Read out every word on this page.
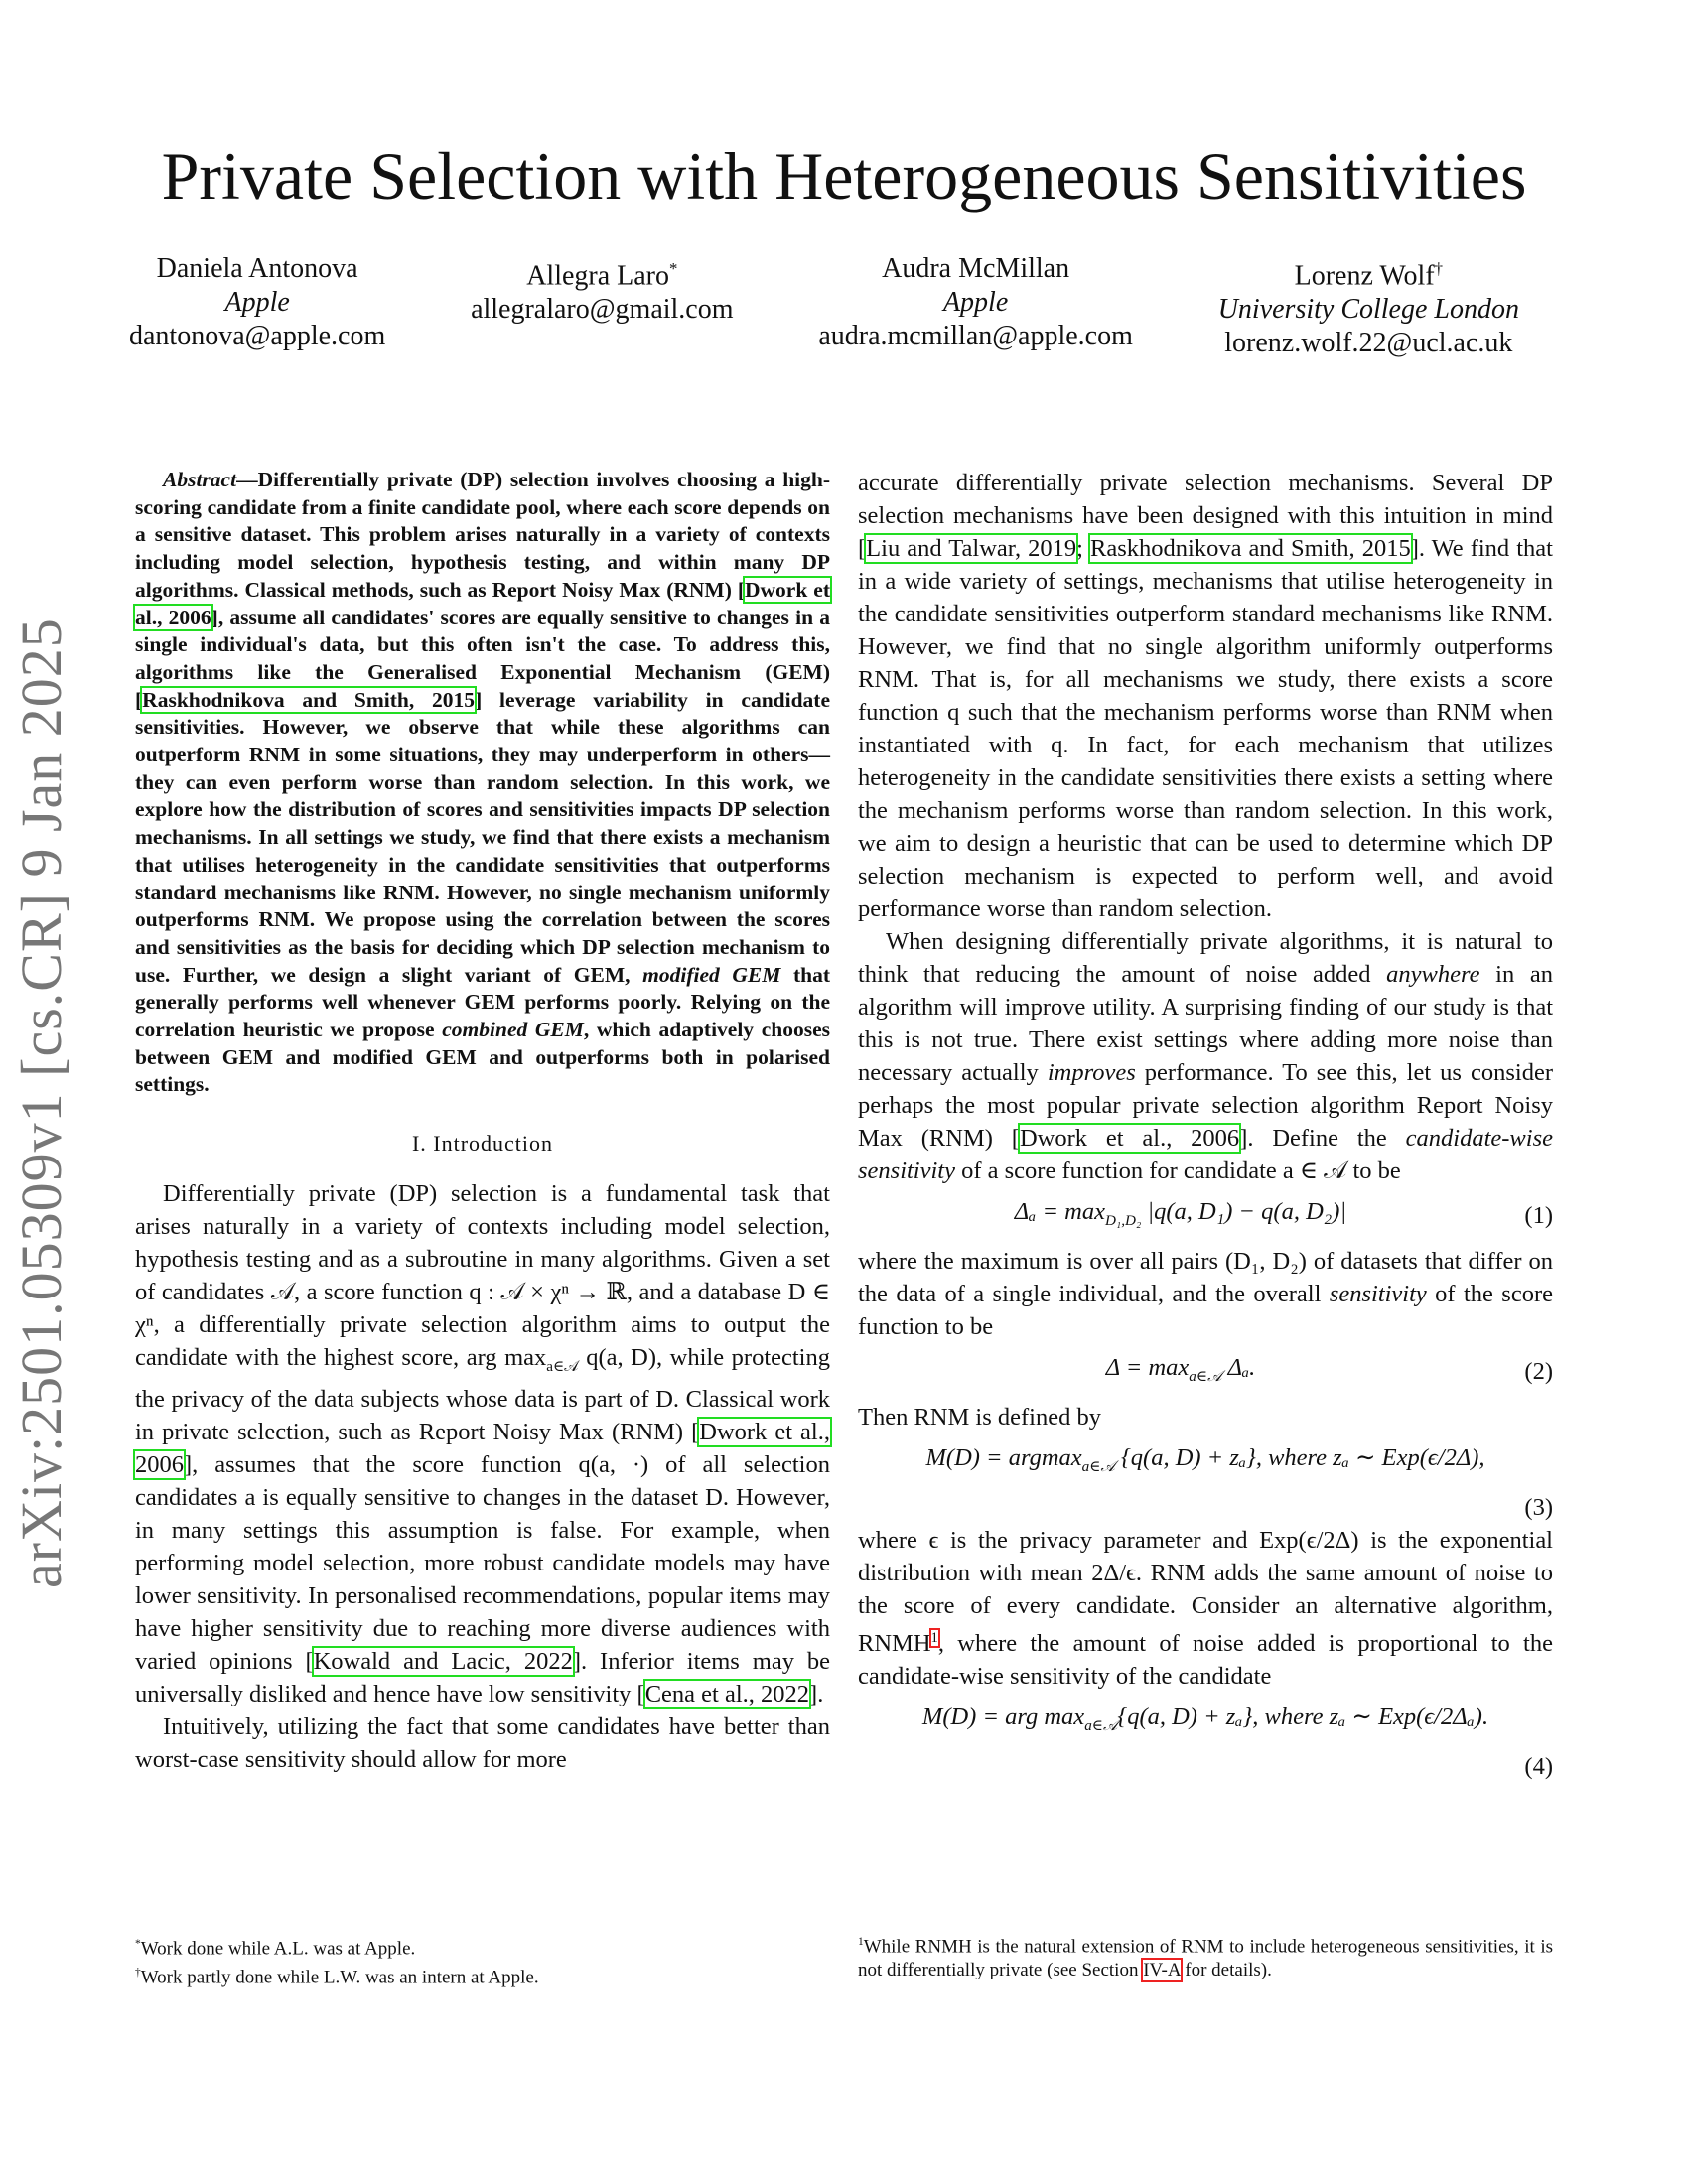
arXiv:2501.05309v1 [cs.CR] 9 Jan 2025
Private Selection with Heterogeneous Sensitivities
Daniela Antonova
Apple
dantonova@apple.com
Allegra Laro*
allegralaro@gmail.com
Audra McMillan
Apple
audra.mcmillan@apple.com
Lorenz Wolf†
University College London
lorenz.wolf.22@ucl.ac.uk

Abstract—Differentially private (DP) selection involves choosing a high-scoring candidate from a finite candidate pool, where each score depends on a sensitive dataset. This problem arises naturally in a variety of contexts including model selection, hypothesis testing, and within many DP algorithms. Classical methods, such as Report Noisy Max (RNM) [Dwork et al., 2006], assume all candidates' scores are equally sensitive to changes in a single individual's data, but this often isn't the case. To address this, algorithms like the Generalised Exponential Mechanism (GEM) [Raskhodnikova and Smith, 2015] leverage variability in candidate sensitivities. However, we observe that while these algorithms can outperform RNM in some situations, they may underperform in others—they can even perform worse than random selection. In this work, we explore how the distribution of scores and sensitivities impacts DP selection mechanisms. In all settings we study, we find that there exists a mechanism that utilises heterogeneity in the candidate sensitivities that outperforms standard mechanisms like RNM. However, no single mechanism uniformly outperforms RNM. We propose using the correlation between the scores and sensitivities as the basis for deciding which DP selection mechanism to use. Further, we design a slight variant of GEM, modified GEM that generally performs well whenever GEM performs poorly. Relying on the correlation heuristic we propose combined GEM, which adaptively chooses between GEM and modified GEM and outperforms both in polarised settings.

I. Introduction

Differentially private (DP) selection is a fundamental task that arises naturally in a variety of contexts including model selection, hypothesis testing and as a subroutine in many algorithms. Given a set of candidates 𝒜, a score function q : 𝒜 × χⁿ → ℝ, and a database D ∈ χⁿ, a differentially private selection algorithm aims to output the candidate with the highest score, arg $\max_{a\in 𝒜} q(a$, D), while protecting the privacy of the data subjects whose data is part of D. Classical work in private selection, such as Report Noisy Max (RNM) [Dwork et al., 2006], assumes that the score function q(a, ·) of all selection candidates a is equally sensitive to changes in the dataset D. However, in many settings this assumption is false. For example, when performing model selection, more robust candidate models may have lower sensitivity. In personalised recommendations, popular items may have higher sensitivity due to reaching more diverse audiences with varied opinions [Kowald and Lacic, 2022]. Inferior items may be universally disliked and hence have low sensitivity [Cena et al., 2022].

Intuitively, utilizing the fact that some candidates have better than worst-case sensitivity should allow for more

accurate differentially private selection mechanisms. Several DP selection mechanisms have been designed with this intuition in mind [Liu and Talwar, 2019; Raskhodnikova and Smith, 2015]. We find that in a wide variety of settings, mechanisms that utilise heterogeneity in the candidate sensitivities outperform standard mechanisms like RNM. However, we find that no single algorithm uniformly outperforms RNM. That is, for all mechanisms we study, there exists a score function q such that the mechanism performs worse than RNM when instantiated with q. In fact, for each mechanism that utilizes heterogeneity in the candidate sensitivities there exists a setting where the mechanism performs worse than random selection. In this work, we aim to design a heuristic that can be used to determine which DP selection mechanism is expected to perform well, and avoid performance worse than random selection.

When designing differentially private algorithms, it is natural to think that reducing the amount of noise added anywhere in an algorithm will improve utility. A surprising finding of our study is that this is not true. There exist settings where adding more noise than necessary actually improves performance. To see this, let us consider perhaps the most popular private selection algorithm Report Noisy Max (RNM) [Dwork et al., 2006]. Define the candidate-wise sensitivity of a score function for candidate a ∈ 𝒜 to be

$\Delta_a = \max_{D_1,D_2} |q(a$, D₁) − q(a, D₂)|	(1)

where the maximum is over all pairs (D₁, D₂) of datasets that differ on the data of a single individual, and the overall sensitivity of the score function to be

$\Delta = \max_{a\in 𝒜} \Delta_a$.	(2)

Then RNM is defined by

M(D) = argmax$_{a\in 𝒜}$ {q(a, D) + zₐ}, where zₐ ∼ Exp(ϵ/2Δ),
(3)

where ϵ is the privacy parameter and Exp(ϵ/2Δ) is the exponential distribution with mean 2Δ/ϵ. RNM adds the same amount of noise to the score of every candidate. Consider an alternative algorithm, RNMH$^1$, where the amount of noise added is proportional to the candidate-wise sensitivity of the candidate

M(D) = arg $\max_{a\in 𝒜}\{q(a$, D) + zₐ}, where zₐ ∼ Exp(ϵ/2Δₐ).
(4)
*Work done while A.L. was at Apple.
†Work partly done while L.W. was an intern at Apple.
$^1$While RNMH is the natural extension of RNM to include heterogeneous sensitivities, it is not differentially private (see Section IV-A for details).
